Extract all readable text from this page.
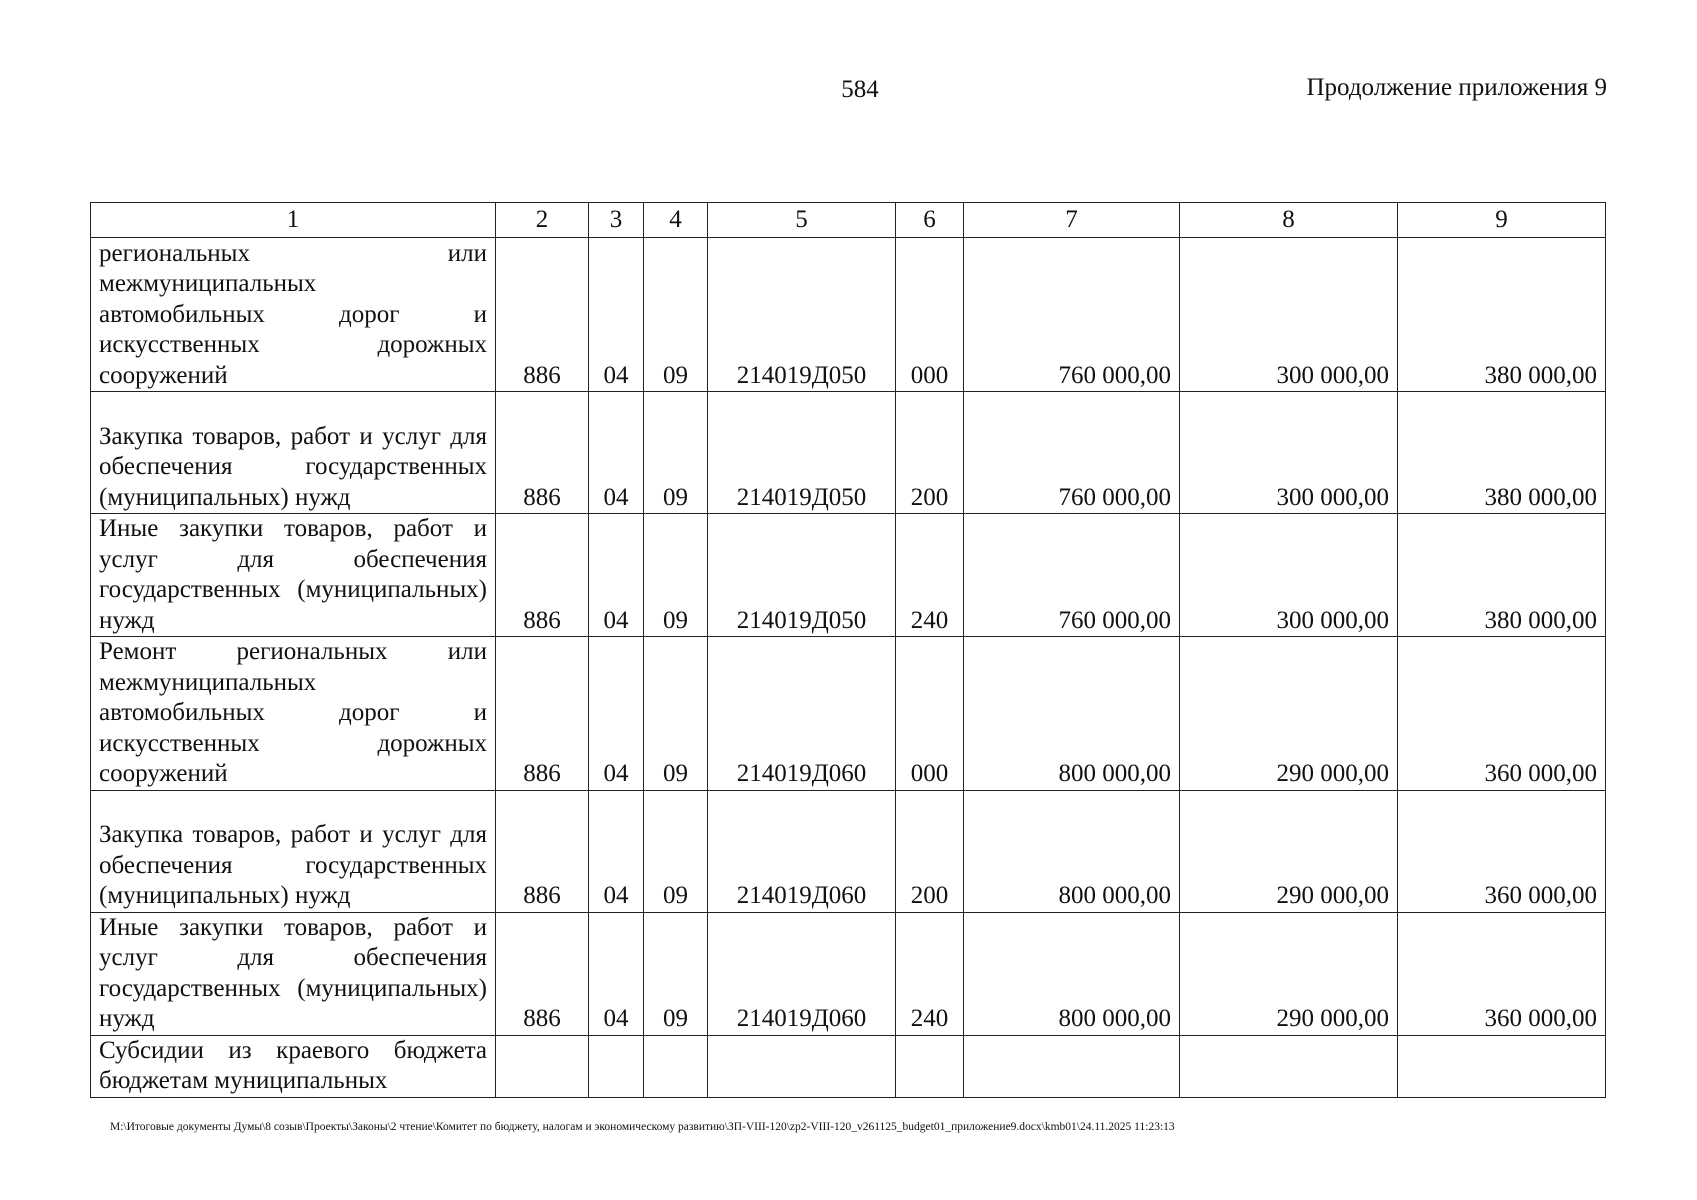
584	Продолжение приложения 9
1	2	3	4	5	6	7	8	9
региональных или межмуниципальных автомобильных дорог и искусственных дорожных сооружений	886	04	09	214019Д050	000	760 000,00	300 000,00	380 000,00
Закупка товаров, работ и услуг для обеспечения государственных (муниципальных) нужд	886	04	09	214019Д050	200	760 000,00	300 000,00	380 000,00
Иные закупки товаров, работ и услуг для обеспечения государственных (муниципальных) нужд	886	04	09	214019Д050	240	760 000,00	300 000,00	380 000,00
Ремонт региональных или межмуниципальных автомобильных дорог и искусственных дорожных сооружений	886	04	09	214019Д060	000	800 000,00	290 000,00	360 000,00
Закупка товаров, работ и услуг для обеспечения государственных (муниципальных) нужд	886	04	09	214019Д060	200	800 000,00	290 000,00	360 000,00
Иные закупки товаров, работ и услуг для обеспечения государственных (муниципальных) нужд	886	04	09	214019Д060	240	800 000,00	290 000,00	360 000,00
Субсидии из краевого бюджета бюджетам муниципальных								
M:\Итоговые документы Думы\8 созыв\Проекты\Законы\2 чтение\Комитет по бюджету, налогам и экономическому развитию\ЗП-VIII-120\zp2-VIII-120_v261125_budget01_приложение9.docx\kmb01\24.11.2025 11:23:13
